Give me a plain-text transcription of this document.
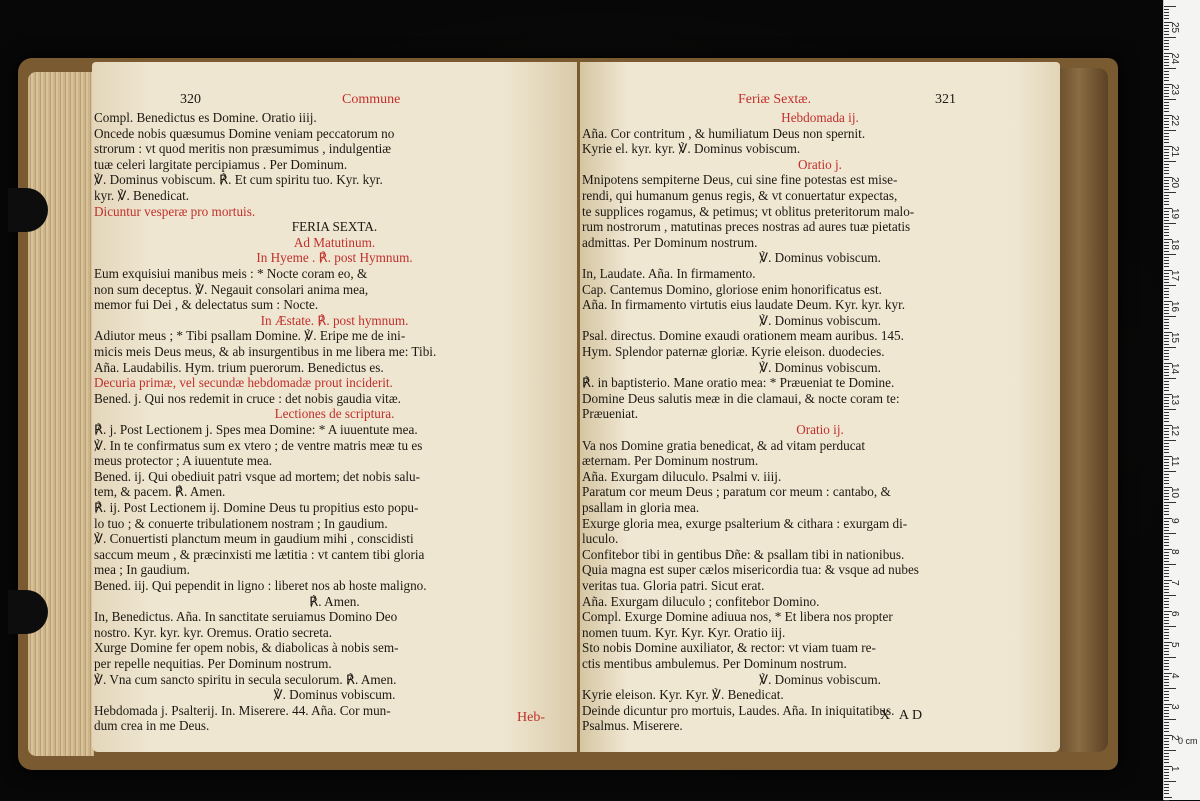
320	Commune
Compl. Benedictus es Domine. Oratio iiij.
Oncede nobis quæsumus Domine veniam peccatorum no
strorum : vt quod meritis non præsumimus , indulgentiæ
tuæ celeri largitate percipiamus . Per Dominum.
℣. Dominus vobiscum. ℟. Et cum spiritu tuo. Kyr. kyr.
kyr. ℣. Benedicat.
Dicuntur vesperæ pro mortuis.
FERIA SEXTA.
Ad Matutinum.
In Hyeme . ℟. post Hymnum.
Eum exquisiui manibus meis : * Nocte coram eo, &
non sum deceptus. ℣. Negauit consolari anima mea,
memor fui Dei , & delectatus sum : Nocte.
In Æstate. ℟. post hymnum.
Adiutor meus ; * Tibi psallam Domine. ℣. Eripe me de ini-
micis meis Deus meus, & ab insurgentibus in me libera me: Tibi.
Aña. Laudabilis. Hym. trium puerorum. Benedictus es.
Decuria primæ, vel secundæ hebdomadæ prout inciderit.
Bened. j. Qui nos redemit in cruce : det nobis gaudia vitæ.
Lectiones de scriptura.
℟. j. Post Lectionem j. Spes mea Domine: * A iuuentute mea.
℣. In te confirmatus sum ex vtero ; de ventre matris meæ tu es
meus protector ; A iuuentute mea.
Bened. ij. Qui obediuit patri vsque ad mortem; det nobis salu-
tem, & pacem. ℟. Amen.
℟. ij. Post Lectionem ij. Domine Deus tu propitius esto popu-
lo tuo ; & conuerte tribulationem nostram ; In gaudium.
℣. Conuertisti planctum meum in gaudium mihi , conscidisti
saccum meum , & præcinxisti me lætitia : vt cantem tibi gloria
mea ; In gaudium.
Bened. iij. Qui pependit in ligno : liberet nos ab hoste maligno.
℟. Amen.
In, Benedictus. Aña. In sanctitate seruiamus Domino Deo
nostro. Kyr. kyr. kyr. Oremus. Oratio secreta.
Xurge Domine fer opem nobis, & diabolicas à nobis sem-
per repelle nequitias. Per Dominum nostrum.
℣. Vna cum sancto spiritu in secula seculorum. ℟. Amen.
℣. Dominus vobiscum.
Hebdomada j. Psalterij. In. Miserere. 44. Aña. Cor mun-
dum crea in me Deus.
Heb-
Feriæ Sextæ.	321
Hebdomada ij.
Aña. Cor contritum , & humiliatum Deus non spernit.
Kyrie el. kyr. kyr. ℣. Dominus vobiscum.
Oratio j.
Mnipotens sempiterne Deus, cui sine fine potestas est mise-
rendi, qui humanum genus regis, & vt conuertatur expectas,
te supplices rogamus, & petimus; vt oblitus preteritorum malo-
rum nostrorum , matutinas preces nostras ad aures tuæ pietatis
admittas. Per Dominum nostrum.
℣. Dominus vobiscum.
In, Laudate. Aña. In firmamento.
Cap. Cantemus Domino, gloriose enim honorificatus est.
Aña. In firmamento virtutis eius laudate Deum. Kyr. kyr. kyr.
℣. Dominus vobiscum.
Psal. directus. Domine exaudi orationem meam auribus. 145.
Hym. Splendor paternæ gloriæ. Kyrie eleison. duodecies.
℣. Dominus vobiscum.
℟. in baptisterio. Mane oratio mea: * Præueniat te Domine.
Domine Deus salutis meæ in die clamaui, & nocte coram te:
Præueniat.
Oratio ij.
Va nos Domine gratia benedicat, & ad vitam perducat
æternam. Per Dominum nostrum.
Aña. Exurgam diluculo. Psalmi v. iiij.
Paratum cor meum Deus ; paratum cor meum : cantabo, &
psallam in gloria mea.
Exurge gloria mea, exurge psalterium & cithara : exurgam di-
luculo.
Confitebor tibi in gentibus Dñe: & psallam tibi in nationibus.
Quia magna est super cælos misericordia tua: & vsque ad nubes
veritas tua. Gloria patri. Sicut erat.
Aña. Exurgam diluculo ; confitebor Domino.
Compl. Exurge Domine adiuua nos, * Et libera nos propter
nomen tuum. Kyr. Kyr. Kyr. Oratio iij.
Sto nobis Domine auxiliator, & rector: vt viam tuam re-
ctis mentibus ambulemus. Per Dominum nostrum.
℣. Dominus vobiscum.
Kyrie eleison. Kyr. Kyr. ℣. Benedicat.
Deinde dicuntur pro mortuis, Laudes. Aña. In iniquitatibus.
Psalmus. Miserere.
X AD
0 cm
25
24
23
22
21
20
19
18
17
16
15
14
13
12
11
10
9
8
7
6
5
4
3
2
1
